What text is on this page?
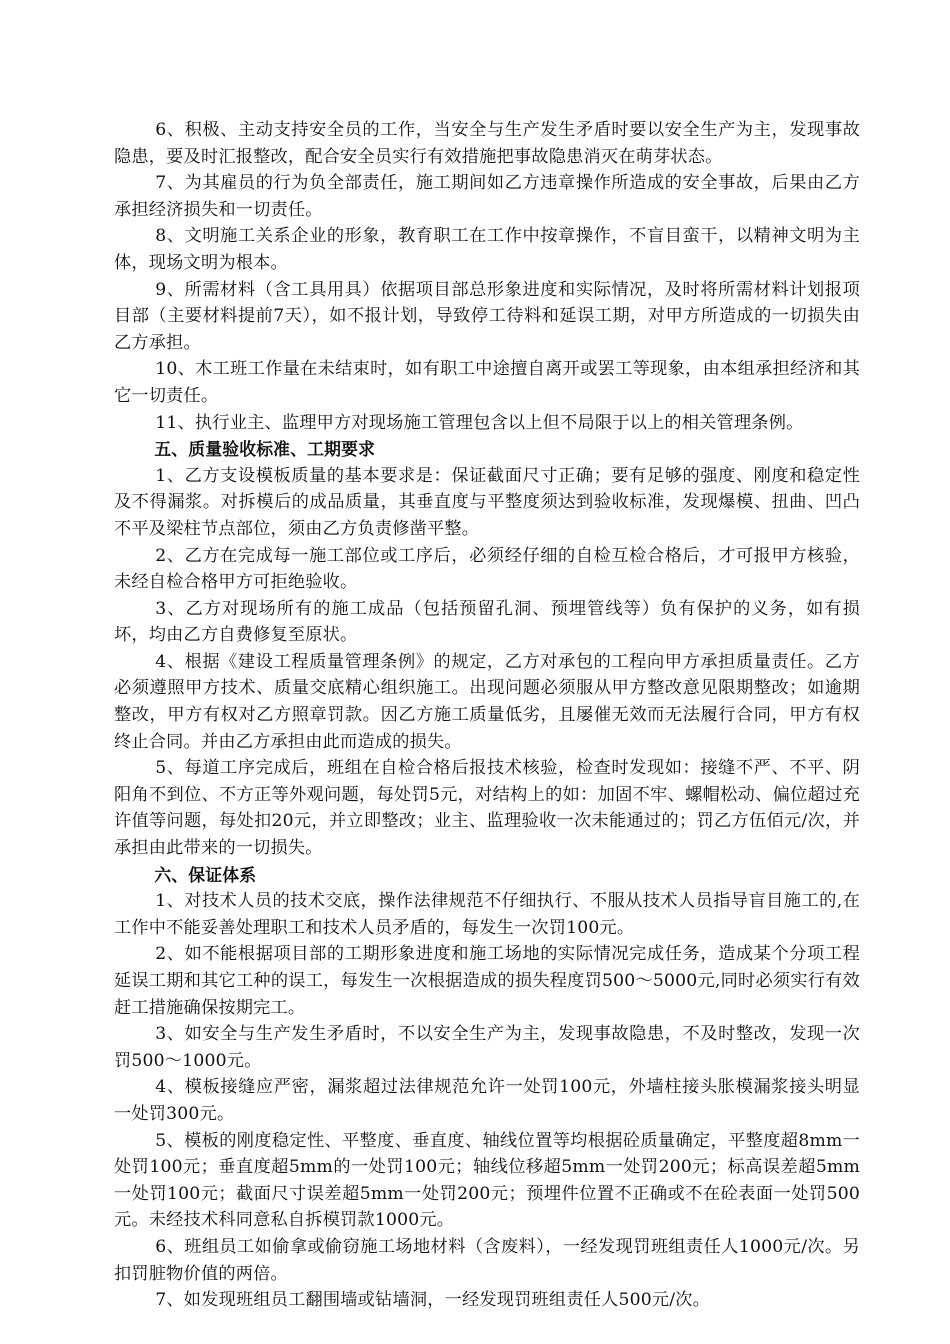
6、积极、主动支持安全员的工作，当安全与生产发生矛盾时要以安全生产为主，发现事故隐患，要及时汇报整改，配合安全员实行有效措施把事故隐患消灭在萌芽状态。

7、为其雇员的行为负全部责任，施工期间如乙方违章操作所造成的安全事故，后果由乙方承担经济损失和一切责任。

8、文明施工关系企业的形象，教育职工在工作中按章操作，不盲目蛮干，以精神文明为主体，现场文明为根本。

9、所需材料（含工具用具）依据项目部总形象进度和实际情况，及时将所需材料计划报项目部（主要材料提前7天），如不报计划，导致停工待料和延误工期，对甲方所造成的一切损失由乙方承担。

10、木工班工作量在未结束时，如有职工中途擅自离开或罢工等现象，由本组承担经济和其它一切责任。

11、执行业主、监理甲方对现场施工管理包含以上但不局限于以上的相关管理条例。

五、质量验收标准、工期要求

1、乙方支设模板质量的基本要求是：保证截面尺寸正确；要有足够的强度、刚度和稳定性及不得漏浆。对拆模后的成品质量，其垂直度与平整度须达到验收标准，发现爆模、扭曲、凹凸不平及梁柱节点部位，须由乙方负责修凿平整。

2、乙方在完成每一施工部位或工序后，必须经仔细的自检互检合格后，才可报甲方核验，未经自检合格甲方可拒绝验收。

3、乙方对现场所有的施工成品（包括预留孔洞、预埋管线等）负有保护的义务，如有损坏，均由乙方自费修复至原状。

4、根据《建设工程质量管理条例》的规定，乙方对承包的工程向甲方承担质量责任。乙方必须遵照甲方技术、质量交底精心组织施工。出现问题必须服从甲方整改意见限期整改；如逾期整改，甲方有权对乙方照章罚款。因乙方施工质量低劣，且屡催无效而无法履行合同，甲方有权终止合同。并由乙方承担由此而造成的损失。

5、每道工序完成后，班组在自检合格后报技术核验，检查时发现如：接缝不严、不平、阴阳角不到位、不方正等外观问题，每处罚5元，对结构上的如：加固不牢、螺帽松动、偏位超过充许值等问题，每处扣20元，并立即整改；业主、监理验收一次未能通过的；罚乙方伍佰元/次，并承担由此带来的一切损失。

六、保证体系

1、对技术人员的技术交底，操作法律规范不仔细执行、不服从技术人员指导盲目施工的,在工作中不能妥善处理职工和技术人员矛盾的，每发生一次罚100元。

2、如不能根据项目部的工期形象进度和施工场地的实际情况完成任务，造成某个分项工程延误工期和其它工种的误工，每发生一次根据造成的损失程度罚500～5000元,同时必须实行有效赶工措施确保按期完工。

3、如安全与生产发生矛盾时，不以安全生产为主，发现事故隐患，不及时整改，发现一次罚500～1000元。

4、模板接缝应严密，漏浆超过法律规范允许一处罚100元，外墙柱接头胀模漏浆接头明显一处罚300元。

5、模板的刚度稳定性、平整度、垂直度、轴线位置等均根据砼质量确定，平整度超8mm一处罚100元；垂直度超5mm的一处罚100元；轴线位移超5mm一处罚200元；标高误差超5mm一处罚100元；截面尺寸误差超5mm一处罚200元；预埋件位置不正确或不在砼表面一处罚500元。未经技术科同意私自拆模罚款1000元。

6、班组员工如偷拿或偷窃施工场地材料（含废料），一经发现罚班组责任人1000元/次。另扣罚脏物价值的两倍。

7、如发现班组员工翻围墙或钻墙洞，一经发现罚班组责任人500元/次。
